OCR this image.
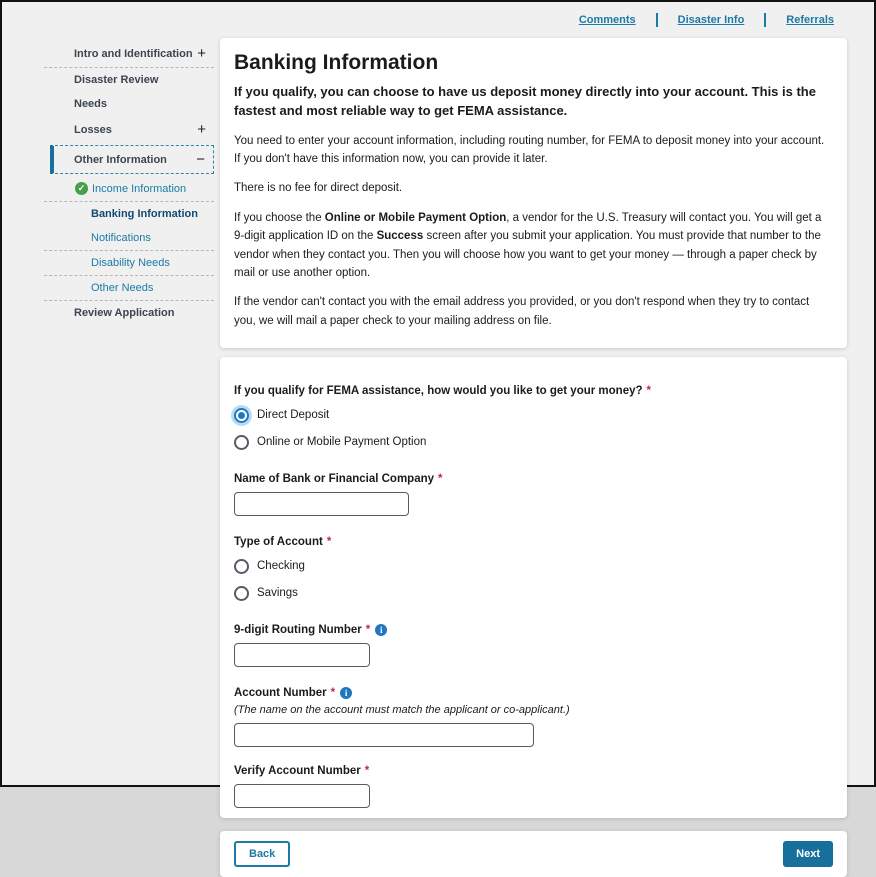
Comments	Disaster Info	Referrals
Intro and Identification +
Disaster Review
Needs
Losses	+
Other Information −
✓ Income Information
Banking Information
Notifications
Disability Needs
Other Needs
Review Application
Banking Information
If you qualify, you can choose to have us deposit money directly into your account. This is the fastest and most reliable way to get FEMA assistance.
You need to enter your account information, including routing number, for FEMA to deposit money into your account. If you don't have this information now, you can provide it later.
There is no fee for direct deposit.
If you choose the Online or Mobile Payment Option, a vendor for the U.S. Treasury will contact you. You will get a 9-digit application ID on the Success screen after you submit your application. You must provide that number to the vendor when they contact you. Then you will choose how you want to get your money — through a paper check by mail or use another option.
If the vendor can't contact you with the email address you provided, or you don't respond when they try to contact you, we will mail a paper check to your mailing address on file.
If you qualify for FEMA assistance, how would you like to get your money? *
Direct Deposit
Online or Mobile Payment Option
Name of Bank or Financial Company *
Type of Account *
Checking
Savings
9-digit Routing Number *	i
Account Number *	i
(The name on the account must match the applicant or co-applicant.)
Verify Account Number *
Back	Next
